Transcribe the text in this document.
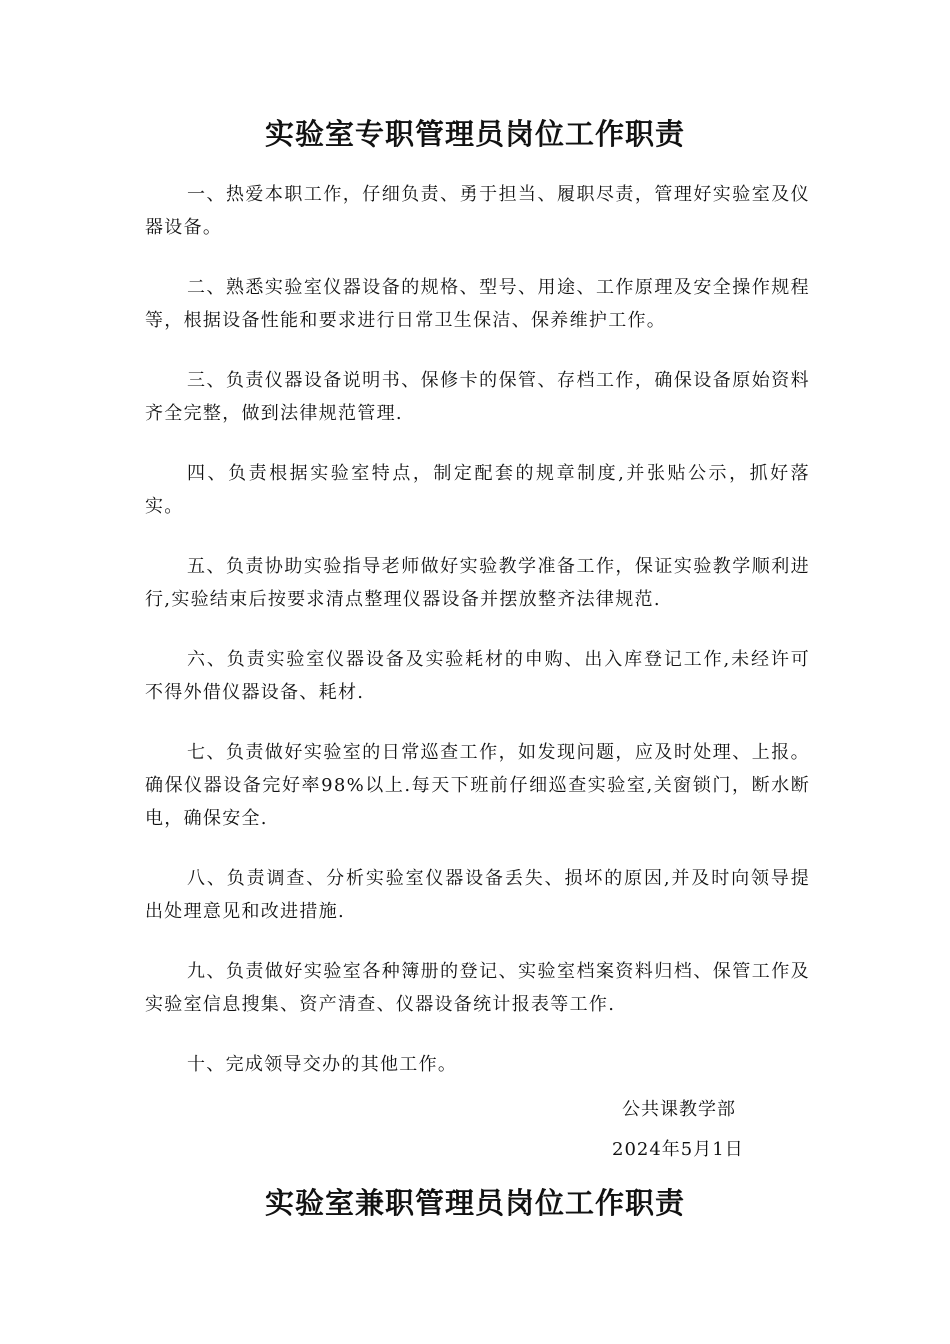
实验室专职管理员岗位工作职责
一、热爱本职工作，仔细负责、勇于担当、履职尽责，管理好实验室及仪器设备。
二、熟悉实验室仪器设备的规格、型号、用途、工作原理及安全操作规程等，根据设备性能和要求进行日常卫生保洁、保养维护工作。
三、负责仪器设备说明书、保修卡的保管、存档工作，确保设备原始资料齐全完整，做到法律规范管理.
四、负责根据实验室特点，制定配套的规章制度,并张贴公示，抓好落实。
五、负责协助实验指导老师做好实验教学准备工作，保证实验教学顺利进行,实验结束后按要求清点整理仪器设备并摆放整齐法律规范.
六、负责实验室仪器设备及实验耗材的申购、出入库登记工作,未经许可不得外借仪器设备、耗材.
七、负责做好实验室的日常巡查工作，如发现问题，应及时处理、上报。确保仪器设备完好率98%以上.每天下班前仔细巡查实验室,关窗锁门，断水断电，确保安全.
八、负责调查、分析实验室仪器设备丢失、损坏的原因,并及时向领导提出处理意见和改进措施.
九、负责做好实验室各种簿册的登记、实验室档案资料归档、保管工作及实验室信息搜集、资产清查、仪器设备统计报表等工作.
十、完成领导交办的其他工作。
公共课教学部
2024年5月1日
实验室兼职管理员岗位工作职责
